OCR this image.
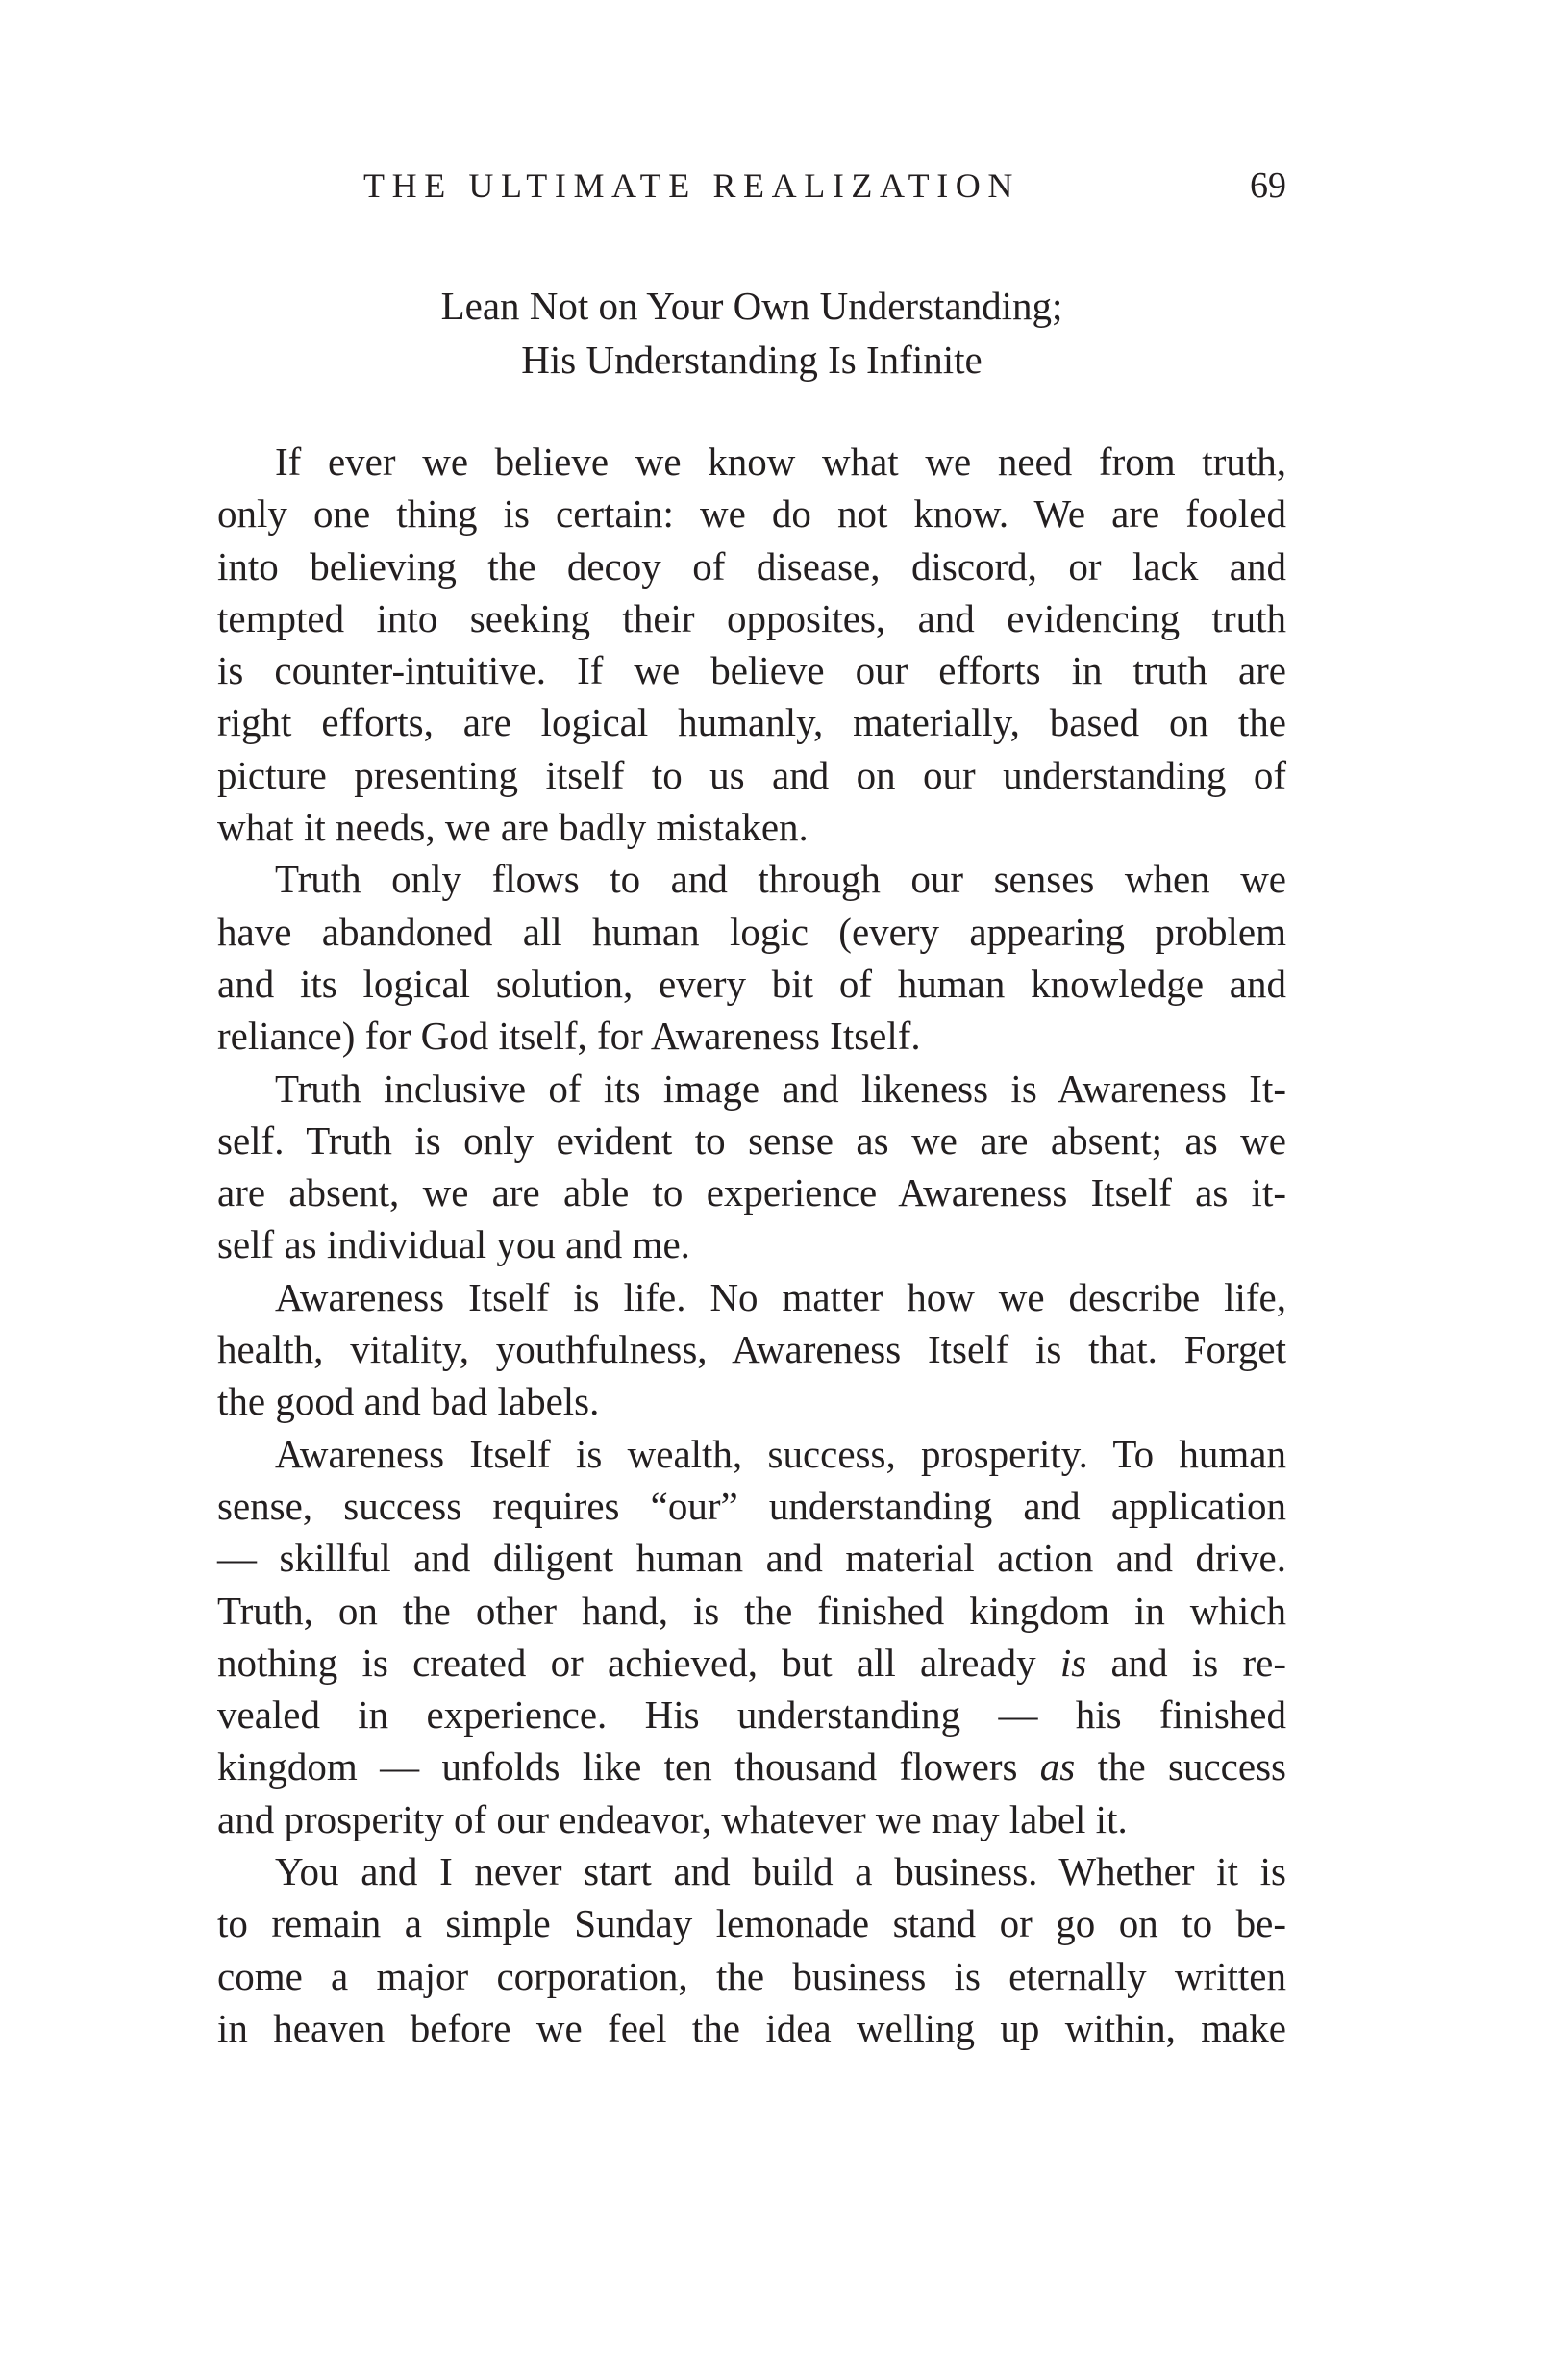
THE ULTIMATE REALIZATION	69
Lean Not on Your Own Understanding;
His Understanding Is Infinite

If ever we believe we know what we need from truth,
only one thing is certain: we do not know. We are fooled
into believing the decoy of disease, discord, or lack and
tempted into seeking their opposites, and evidencing truth
is counter-intuitive. If we believe our efforts in truth are
right efforts, are logical humanly, materially, based on the
picture presenting itself to us and on our understanding of
what it needs, we are badly mistaken.

Truth only flows to and through our senses when we
have abandoned all human logic (every appearing problem
and its logical solution, every bit of human knowledge and
reliance) for God itself, for Awareness Itself.

Truth inclusive of its image and likeness is Awareness It-
self. Truth is only evident to sense as we are absent; as we
are absent, we are able to experience Awareness Itself as it-
self as individual you and me.

Awareness Itself is life. No matter how we describe life,
health, vitality, youthfulness, Awareness Itself is that. Forget
the good and bad labels.

Awareness Itself is wealth, success, prosperity. To human
sense, success requires “our” understanding and application
— skillful and diligent human and material action and drive.
Truth, on the other hand, is the finished kingdom in which
nothing is created or achieved, but all already is and is re-
vealed in experience. His understanding — his finished
kingdom — unfolds like ten thousand flowers as the success
and prosperity of our endeavor, whatever we may label it.

You and I never start and build a business. Whether it is
to remain a simple Sunday lemonade stand or go on to be-
come a major corporation, the business is eternally written
in heaven before we feel the idea welling up within, make
